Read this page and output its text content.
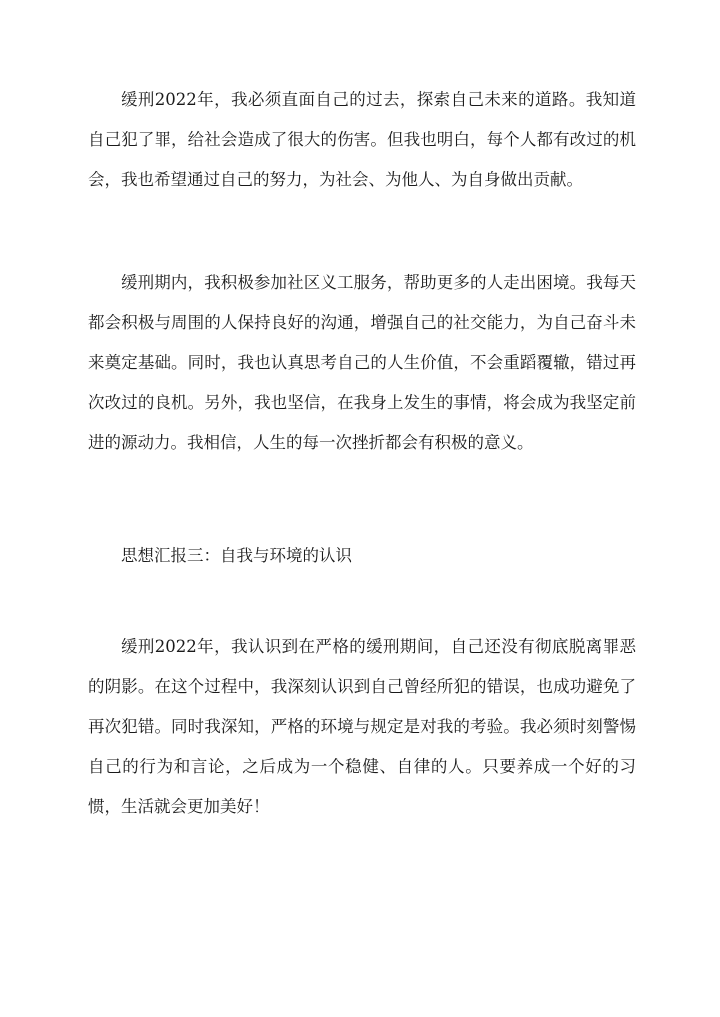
缓刑2022年，我必须直面自己的过去，探索自己未来的道路。我知道自己犯了罪，给社会造成了很大的伤害。但我也明白，每个人都有改过的机会，我也希望通过自己的努力，为社会、为他人、为自身做出贡献。

缓刑期内，我积极参加社区义工服务，帮助更多的人走出困境。我每天都会积极与周围的人保持良好的沟通，增强自己的社交能力，为自己奋斗未来奠定基础。同时，我也认真思考自己的人生价值，不会重蹈覆辙，错过再次改过的良机。另外，我也坚信，在我身上发生的事情，将会成为我坚定前进的源动力。我相信，人生的每一次挫折都会有积极的意义。

思想汇报三：自我与环境的认识

缓刑2022年，我认识到在严格的缓刑期间，自己还没有彻底脱离罪恶的阴影。在这个过程中，我深刻认识到自己曾经所犯的错误，也成功避免了再次犯错。同时我深知，严格的环境与规定是对我的考验。我必须时刻警惕自己的行为和言论，之后成为一个稳健、自律的人。只要养成一个好的习惯，生活就会更加美好！
